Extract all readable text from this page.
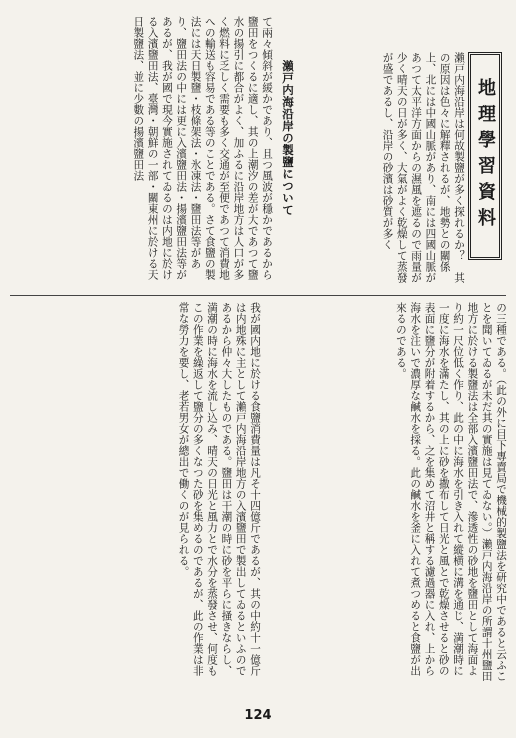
地理學習資料
瀨戸内海沿岸の製鹽について	瀨戸内海沿岸は何故製鹽が多く探れるか？　其の原因は色々に解釋されるが、地勢との關係上、北には中國山脈があり、南には四國山脈があつて太平洋方面からの濕風を遮るので雨量が少く晴天の日が多く、大氣がよく乾燥して蒸發が盛であるし、沿岸の砂濱は砂質が多く
て兩々傾斜が緩かであり、且つ風波が穩かであるから鹽田をつくるに適し、其の上潮汐の差が大であつて鹽水の揚引に都合がよく、加ふるに沿岸地方は人口が多く燃料に乏しく需要も多く交通が至便であつて消費地への輸送も容易である等のことである。さて食鹽の製法には天日製鹽・枝條架法・氷凍法・鹽田法等があり、鹽田法の中には更に入濱鹽田法・揚濱鹽田法等があるが、我が國で現今實施されてゐるのは内地に於ける入濱鹽田法、臺灣・朝鮮の一部・關東州に於ける天日製鹽法、並に少數の揚濱鹽田法
の三種である。（此の外に目下專賣局で機械的製鹽法を研究中であると云ふことを聞いてゐるが未だ其の實施は見てゐない。）瀨戸内海沿岸の所謂十州鹽田地方に於ける製鹽法は全部入濱鹽田法で、滲透性の砂地を鹽田として海面より約一尺位低く作り、此の中に海水を引き入れて縱横に溝を通じ、満潮時に一度に海水を滿たし、其の上に砂を撒布して日光と風とで乾燥させると砂の表面に鹽分が附着するから、之を集めて沼井と稱する濾過器に入れ、上から海水を注いで濃厚な鹹水を採る。此の鹹水を釜に入れて煮つめると食鹽が出來るのである。
我が國内地に於ける食鹽消費量は凡そ十四億斤であるが、其の中約十一億斤は内地殊に主として瀨戸内海沿岸地方の入濱鹽田で製出してゐるといふのであるから仲々大したものである。鹽田は干潮の時に砂を平らに掻きならし、満潮の時に海水を流し込み、晴天の日光と風力とで水分を蒸發させ、何度もこの作業を繰返して鹽分の多くなつた砂を集めるのであるが、此の作業は非常な勞力を要し、老若男女が總出で働くのが見られる。
124
